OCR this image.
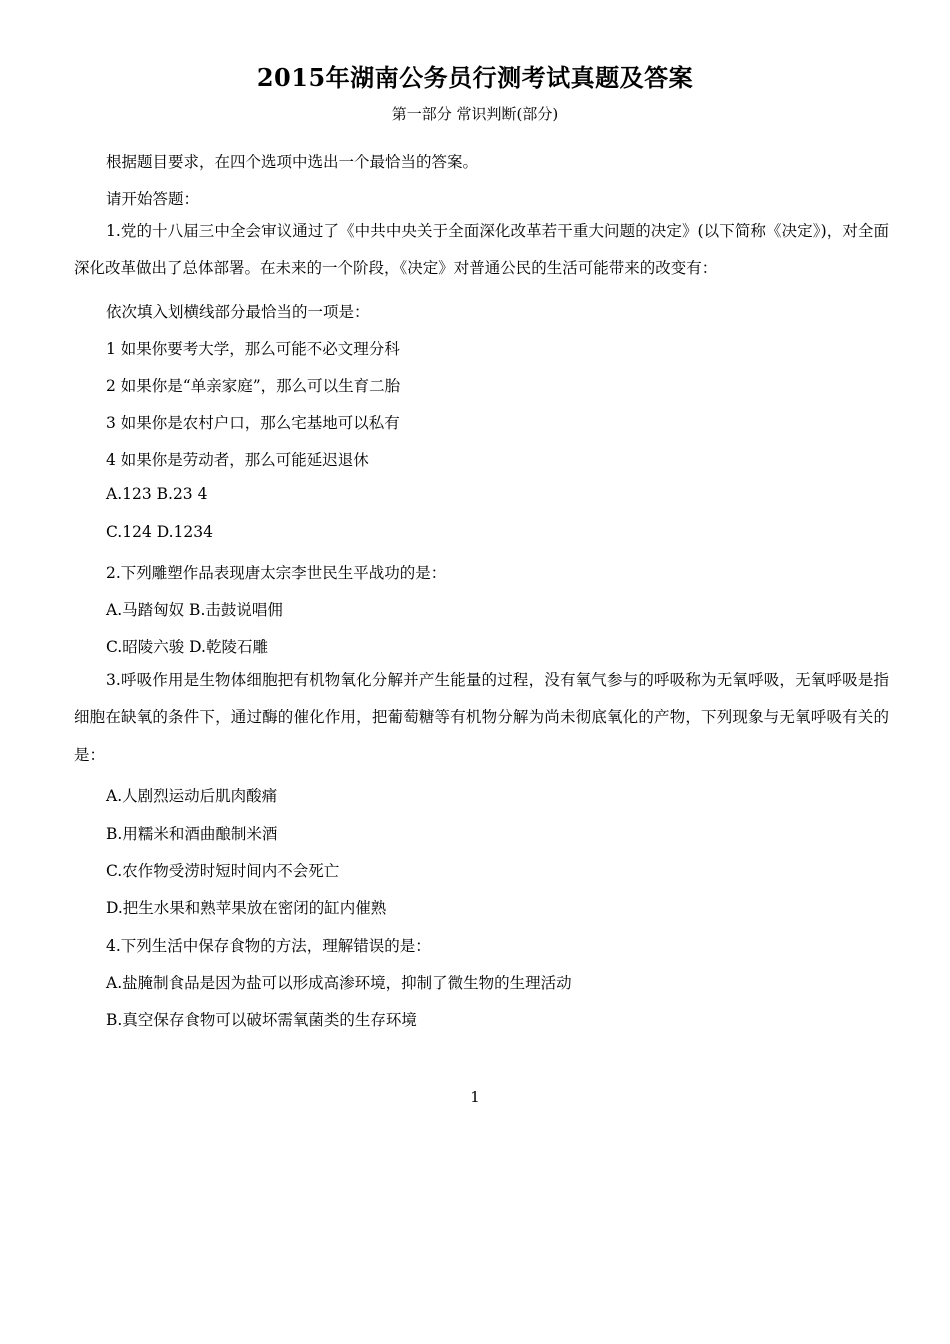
2015年湖南公务员行测考试真题及答案
第一部分 常识判断(部分)
根据题目要求，在四个选项中选出一个最恰当的答案。
请开始答题：
1.党的十八届三中全会审议通过了《中共中央关于全面深化改革若干重大问题的决定》(以下简称《决定》)，对全面深化改革做出了总体部署。在未来的一个阶段，《决定》对普通公民的生活可能带来的改变有：
依次填入划横线部分最恰当的一项是：
1 如果你要考大学，那么可能不必文理分科
2 如果你是“单亲家庭”，那么可以生育二胎
3 如果你是农村户口，那么宅基地可以私有
4 如果你是劳动者，那么可能延迟退休
A.123 B.23 4
C.124 D.1234
2.下列雕塑作品表现唐太宗李世民生平战功的是：
A.马踏匈奴 B.击鼓说唱佣
C.昭陵六骏 D.乾陵石雕
3.呼吸作用是生物体细胞把有机物氧化分解并产生能量的过程，没有氧气参与的呼吸称为无氧呼吸，无氧呼吸是指细胞在缺氧的条件下，通过酶的催化作用，把葡萄糖等有机物分解为尚未彻底氧化的产物，下列现象与无氧呼吸有关的是：
A.人剧烈运动后肌肉酸痛
B.用糯米和酒曲酿制米酒
C.农作物受涝时短时间内不会死亡
D.把生水果和熟苹果放在密闭的缸内催熟
4.下列生活中保存食物的方法，理解错误的是：
A.盐腌制食品是因为盐可以形成高渗环境，抑制了微生物的生理活动
B.真空保存食物可以破坏需氧菌类的生存环境
1
